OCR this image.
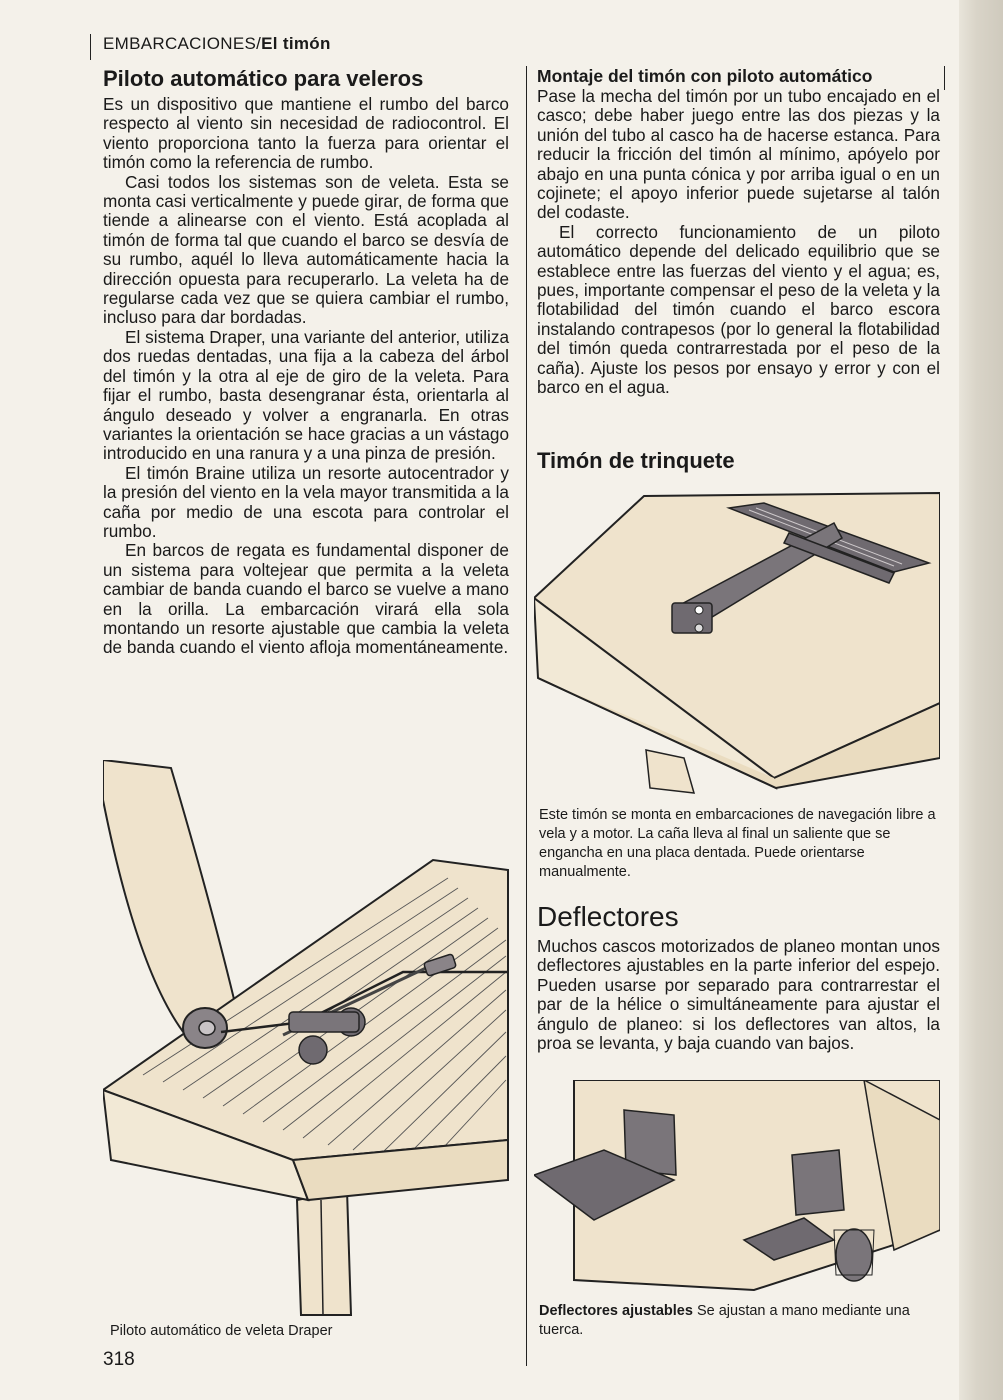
EMBARCACIONES/El timón
Piloto automático para veleros

Es un dispositivo que mantiene el rumbo del barco respecto al viento sin necesidad de radiocontrol. El viento proporciona tanto la fuerza para orientar el timón como la referencia de rumbo.

Casi todos los sistemas son de veleta. Esta se monta casi verticalmente y puede girar, de forma que tiende a alinearse con el viento. Está acoplada al timón de forma tal que cuando el barco se desvía de su rumbo, aquél lo lleva automáticamente hacia la dirección opuesta para recuperarlo. La veleta ha de regularse cada vez que se quiera cambiar el rumbo, incluso para dar bordadas.

El sistema Draper, una variante del anterior, utiliza dos ruedas dentadas, una fija a la cabeza del árbol del timón y la otra al eje de giro de la veleta. Para fijar el rumbo, basta desengranar ésta, orientarla al ángulo deseado y volver a engranarla. En otras variantes la orientación se hace gracias a un vástago introducido en una ranura y a una pinza de presión.

El timón Braine utiliza un resorte autocentrador y la presión del viento en la vela mayor transmitida a la caña por medio de una escota para controlar el rumbo.

En barcos de regata es fundamental disponer de un sistema para voltejear que permita a la veleta cambiar de banda cuando el barco se vuelve a mano en la orilla. La embarcación virará ella sola montando un resorte ajustable que cambia la veleta de banda cuando el viento afloja momentáneamente.

Piloto automático de veleta Draper
Montaje del timón con piloto automático

Pase la mecha del timón por un tubo encajado en el casco; debe haber juego entre las dos piezas y la unión del tubo al casco ha de hacerse estanca. Para reducir la fricción del timón al mínimo, apóyelo por abajo en una punta cónica y por arriba igual o en un cojinete; el apoyo inferior puede sujetarse al talón del codaste.

El correcto funcionamiento de un piloto automático depende del delicado equilibrio que se establece entre las fuerzas del viento y el agua; es, pues, importante compensar el peso de la veleta y la flotabilidad del timón cuando el barco escora instalando contrapesos (por lo general la flotabilidad del timón queda contrarrestada por el peso de la caña). Ajuste los pesos por ensayo y error y con el barco en el agua.

Timón de trinquete
Este timón se monta en embarcaciones de navegación libre a vela y a motor. La caña lleva al final un saliente que se engancha en una placa dentada. Puede orientarse manualmente.
Deflectores

Muchos cascos motorizados de planeo montan unos deflectores ajustables en la parte inferior del espejo. Pueden usarse por separado para contrarrestar el par de la hélice o simultáneamente para ajustar el ángulo de planeo: si los deflectores van altos, la proa se levanta, y baja cuando van bajos.

Deflectores ajustables Se ajustan a mano mediante una tuerca.
318
